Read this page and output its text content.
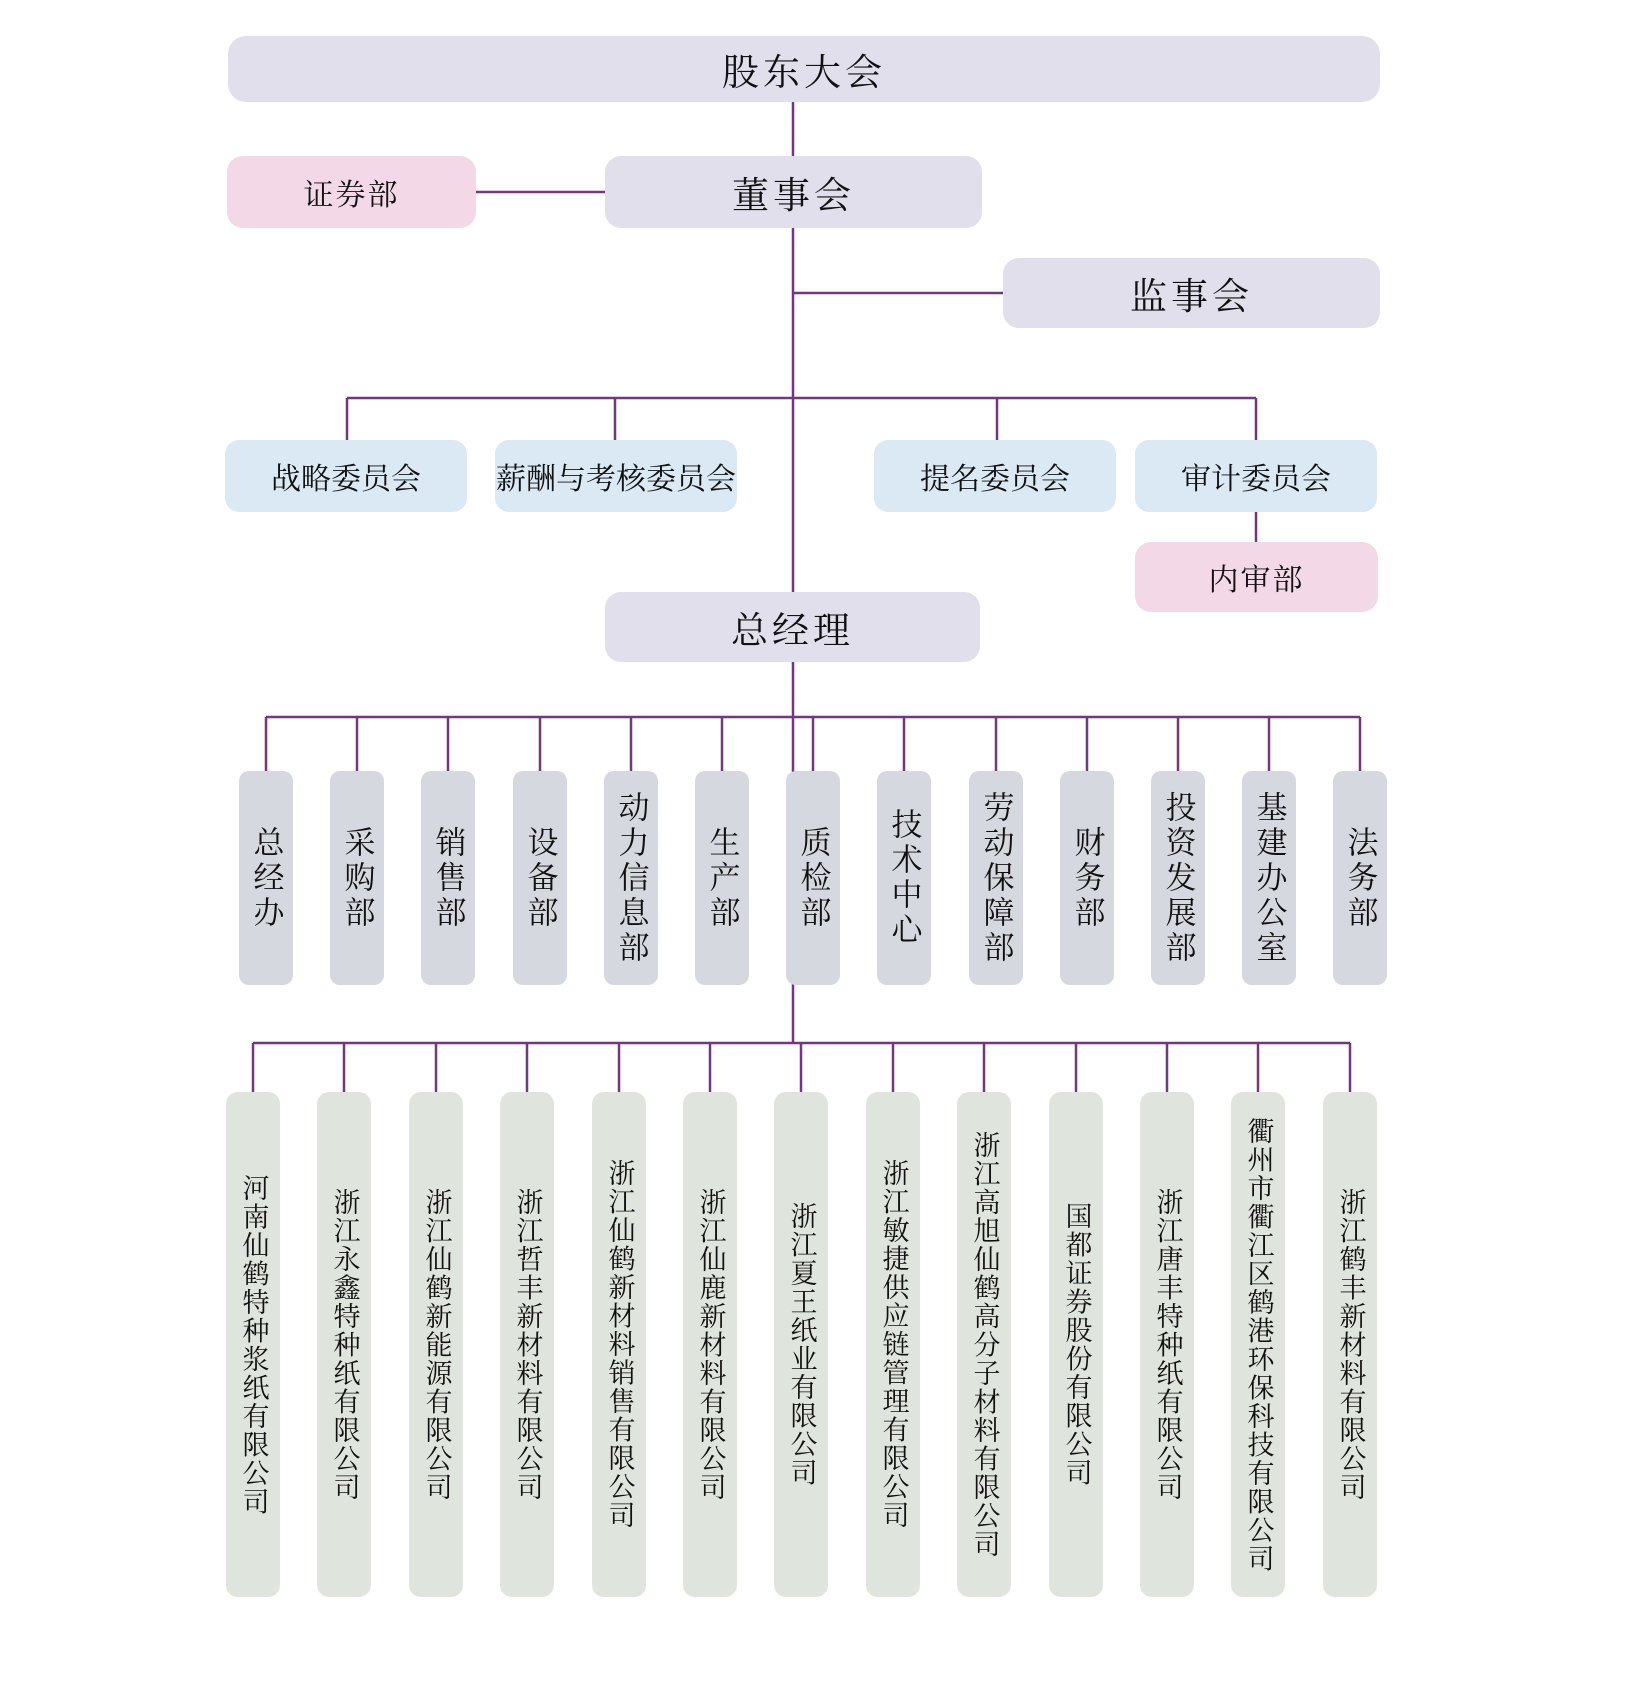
股东大会
证券部	董事会
监事会
战略委员会	薪酬与考核委员会	提名委员会	审计委员会
内审部
总经理
总经办 采购部 销售部 设备部 动力信息部 生产部 质检部 技术中心 劳动保障部 财务部 投资发展部 基建办公室 法务部
河南仙鹤特种浆纸有限公司 浙江永鑫特种纸有限公司 浙江仙鹤新能源有限公司 浙江哲丰新材料有限公司 浙江仙鹤新材料销售有限公司 浙江仙鹿新材料有限公司 浙江夏王纸业有限公司 浙江敏捷供应链管理有限公司 浙江高旭仙鹤高分子材料有限公司 国都证券股份有限公司 浙江唐丰特种纸有限公司 衢州市衢江区鹤港环保科技有限公司 浙江鹤丰新材料有限公司
